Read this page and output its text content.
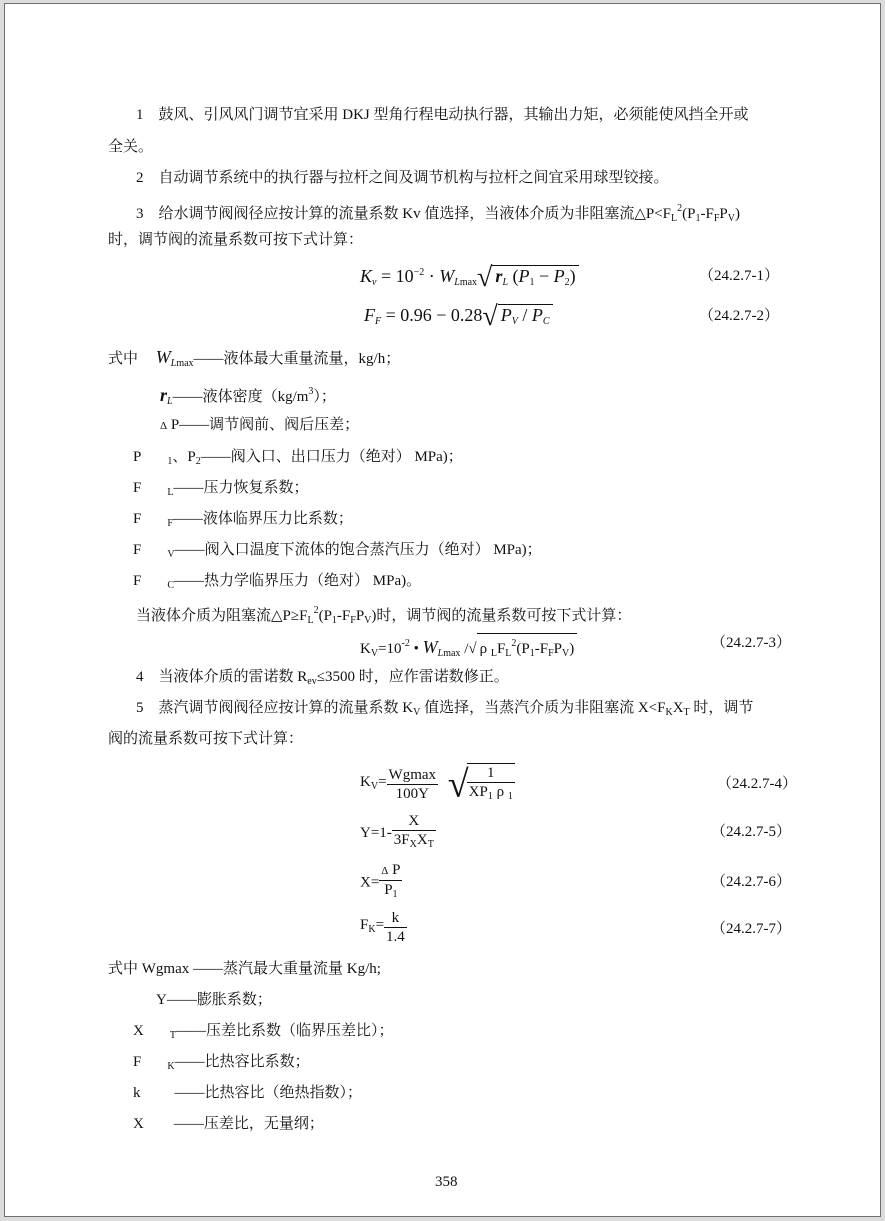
1　鼓风、引风风门调节宜采用 DKJ 型角行程电动执行器，其输出力矩，必须能使风挡全开或
全关。
2　自动调节系统中的执行器与拉杆之间及调节机构与拉杆之间宜采用球型铰接。
3　给水调节阀阀径应按计算的流量系数 Kv 值选择，当液体介质为非阻塞流$\triangle P<F_L^2(P_1-F_FP_V)$
时，调节阀的流量系数可按下式计算：
$K_v = 10^{-2} \cdot W_{Lmax}√$ $r_L$ $(P_1 - P_2)$	（24.2.7-1）
$F_F = 0.96 - 0.28√$ $P_V / P_C$	（24.2.7-2）
式中 $W_{Lmax}——$液体最大重量流量，kg/h；
$r_L——$液体密度$(kg/m^3)$；
Δ P——调节阀前、阀后压差；
P	$_1$、$P_2——$阀入口、出口压力（绝对） MPa)；
F	$_L$——压力恢复系数；
F	$_F$——液体临界压力比系数；
F	$_V$——阀入口温度下流体的饱合蒸汽压力（绝对） MPa)；
F	$_C$——热力学临界压力（绝对） MPa)。
当液体介质为阻塞流$\triangle P\ge F_L^2(P_1-F_FP_V)$时，调节阀的流量系数可按下式计算：
$K_V=10^{-2}$ • $W_{Lmax}$ /√ ρ $_LF_L^2(P_1-F_FP_V)$	（24.2.7-3）
4　当液体介质的雷诺数 $R_{ev}\le 3500$ 时，应作雷诺数修正。
5　蒸汽调节阀阀径应按计算的流量系数 $K_V$ 值选择，当蒸汽介质为非阻塞流 $X<F_KX_T$ 时，调节
阀的流量系数可按下式计算：
$K_V= \frac{Wgmax}{100Y}$ √
$\frac{1}{XP_1 \rho _1}$	（24.2.7-4）
$Y=1- \frac{X}{3F_XX_T}$	（24.2.7-5）
$X= \frac{\text{Δ P}}{P_1}$	（24.2.7-6）
$F_K= \frac{k}{1.4}$	（24.2.7-7）
式中 Wgmax ——蒸汽最大重量流量 Kg/h;
Y——膨胀系数；
X	$_T$——压差比系数（临界压差比）；
F	$_K$——比热容比系数；
k ——比热容比（绝热指数）；
X ——压差比，无量纲；
358
